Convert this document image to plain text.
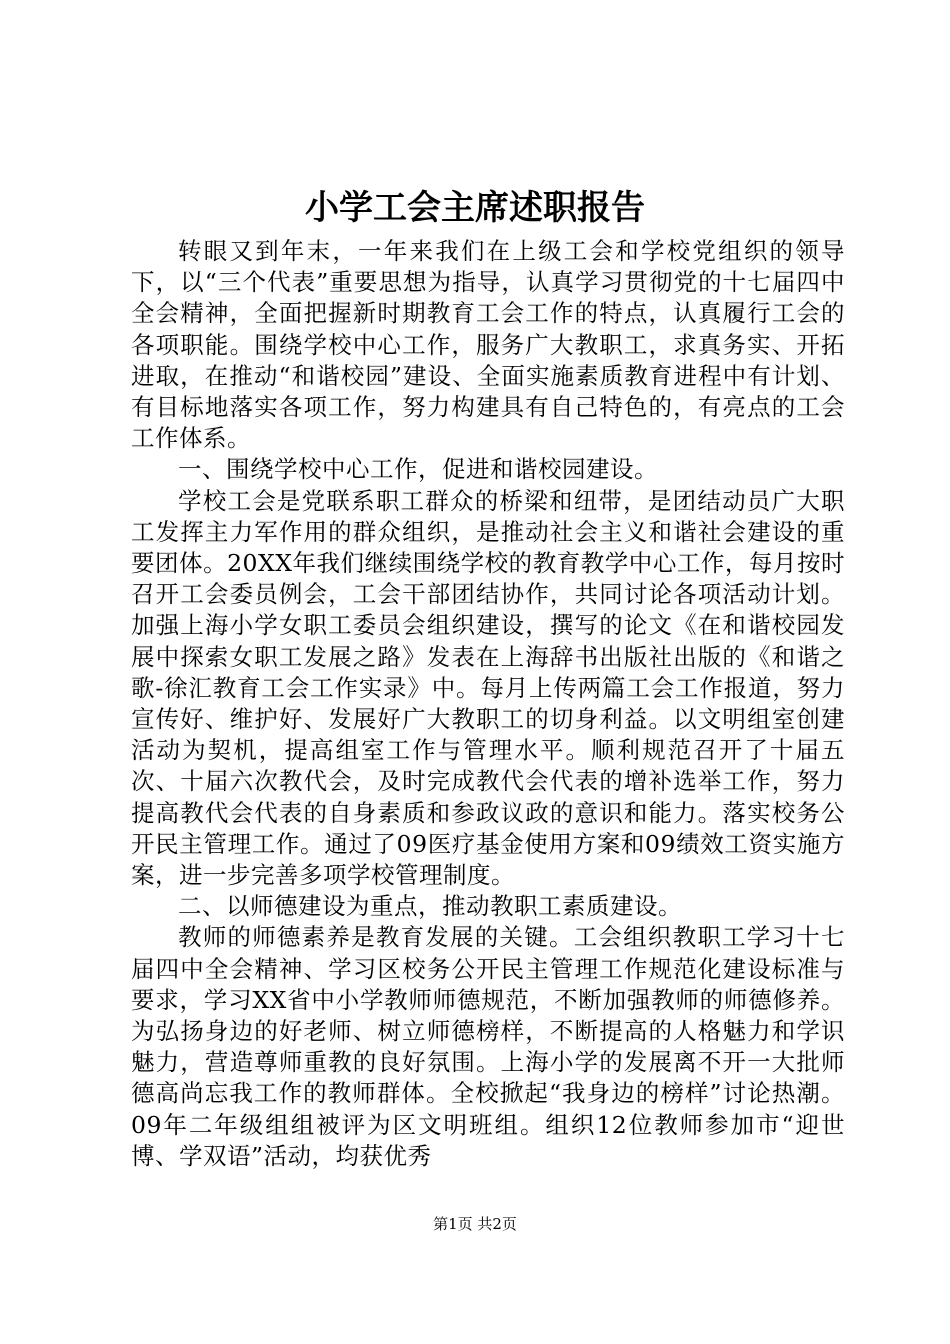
小学工会主席述职报告

转眼又到年末，一年来我们在上级工会和学校党组织的领导下，以“三个代表”重要思想为指导，认真学习贯彻党的十七届四中全会精神，全面把握新时期教育工会工作的特点，认真履行工会的各项职能。围绕学校中心工作，服务广大教职工，求真务实、开拓进取，在推动“和谐校园”建设、全面实施素质教育进程中有计划、有目标地落实各项工作，努力构建具有自己特色的，有亮点的工会工作体系。

一、围绕学校中心工作，促进和谐校园建设。

学校工会是党联系职工群众的桥梁和纽带，是团结动员广大职工发挥主力军作用的群众组织，是推动社会主义和谐社会建设的重要团体。20XX年我们继续围绕学校的教育教学中心工作，每月按时召开工会委员例会，工会干部团结协作，共同讨论各项活动计划。加强上海小学女职工委员会组织建设，撰写的论文《在和谐校园发展中探索女职工发展之路》发表在上海辞书出版社出版的《和谐之歌-徐汇教育工会工作实录》中。每月上传两篇工会工作报道，努力宣传好、维护好、发展好广大教职工的切身利益。以文明组室创建活动为契机，提高组室工作与管理水平。顺利规范召开了十届五次、十届六次教代会，及时完成教代会代表的增补选举工作，努力提高教代会代表的自身素质和参政议政的意识和能力。落实校务公开民主管理工作。通过了09医疗基金使用方案和09绩效工资实施方案，进一步完善多项学校管理制度。

二、以师德建设为重点，推动教职工素质建设。

教师的师德素养是教育发展的关键。工会组织教职工学习十七届四中全会精神、学习区校务公开民主管理工作规范化建设标准与要求，学习XX省中小学教师师德规范，不断加强教师的师德修养。为弘扬身边的好老师、树立师德榜样，不断提高的人格魅力和学识魅力，营造尊师重教的良好氛围。上海小学的发展离不开一大批师德高尚忘我工作的教师群体。全校掀起“我身边的榜样”讨论热潮。09年二年级组组被评为区文明班组。组织12位教师参加市“迎世博、学双语”活动，均获优秀

第1页 共2页
